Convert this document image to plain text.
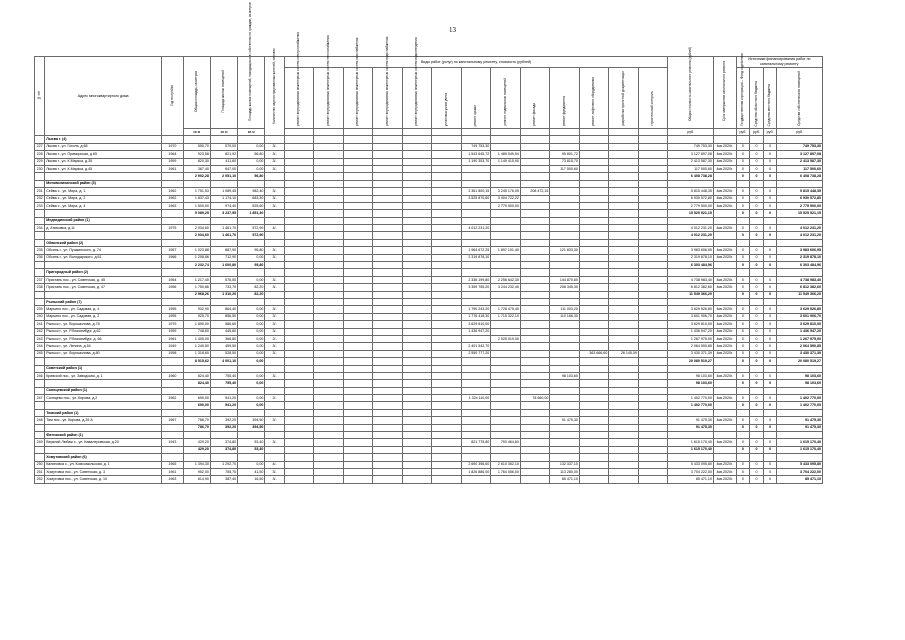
13
№ п/п	Адрес многоквартирного дома	Год постройки	Общая площадь, кв.метров	Площадь жилых помещений	Площадь жилых помещений, находящихся в собственности граждан, кв.метров	Количество зарегистрированных жителей, человек	Виды работ (услуг) по капитальному ремонту, стоимость (рублей)													Общая стоимость капитального ремонта (рублей)	Срок завершения капитального ремонта	Источники финансирования работ по капитальному ремонту			
							ремонт внутридомовых инженерных систем электроснабжения	ремонт внутридомовых инженерных систем теплоснабжения	ремонт внутридомовых инженерных систем газоснабжения	ремонт внутридомовых инженерных систем водоснабжения	ремонт внутридомовых инженерных систем водоотведения	установка узлов учета	ремонт крыши	ремонт подвальных помещений	ремонт фасада	ремонт фундамента	ремонт лифтового оборудования	разработка проектной документации	строительный контроль			Государственная корпорация – Фонд содействия	Средства областного бюджета	Средства местного бюджета	Средства собственников помещений
			кв.м	кв.м	кв.м															руб.		руб.	руб.	руб.	руб.
	Лысва г. (4)																								
227	Лысва г., ул. Гоголя, д.68	1970	590,70	570,00	0,00	3/-							749 753,30							749 753,30	4кв.2020г.	0	0	0	749 753,30
228	Лысва г., ул. Приморская, д.65	1964	923,58	821,92	56,80	3/-							1 543 645,72	1 489 549,54		95 801,72				3 127 897,08	4кв.2020г.	0	0	0	3 127 897,08
229	Лысва г., ул. К.Маркса, д.35	1959	820,30	411,60	0,00	3/-							1 190 353,70	1 149 415,90		73 815,70				2 413 587,30	4кв.2020г.	0	0	0	2 413 587,30
230	Лысва г., ул. К.Маркса, д.45	1961	367,40	647,00	0,00	3/-										117 500,60				117 500,60	4кв.2020г.	0	0	0	117 500,60
			2 902,28	2 051,10	56,80															6 408 738,28		0	0	0	6 408 738,28
	Мотовилихинский район (3)																								
231	Сейва с., ул. Мира, д. 1	1962	1 751,53	1 089,45	982,40	3/-							2 361 800,15	3 245 176,05	208 472,15					5 815 448,35	4кв.2020г.	0	0	0	5 815 448,35
232	Сейва с., ул. Мира, д. 2	1962	1 837,43	1 174,10	683,30	3/-							3 525 870,60	3 404 722,22						6 930 572,80	4кв.2020г.	0	0	0	6 930 572,80
233	Сейва с., ул. Мира, д. 4	1963	1 500,00	974,40	525,60	3/-								2 779 500,00						2 779 500,00	4кв.2020г.	0	0	0	2 779 500,00
			5 089,25	3 237,95	1 851,30															15 525 521,15		0	0	0	15 525 521,15
	Медвединский район (1)																								
234	д. Анисовка, д.11	1975	2 034,60	1 461,70	572,90	4/-							4 012 231,20							4 012 231,20	4кв.2020г.	0	0	0	4 012 231,20
			2 034,60	1 461,70	572,90															4 012 231,20		0	0	0	4 012 231,20
	Обвинский район (2)																								
235	Обсинь г., ул. Пушкинского, д. 74	1957	1 023,88	887,90	95,80	3/-							1 964 672,25	1 897 101,40		121 833,30				3 983 606,95	4кв.2020г.	0	0	0	3 983 606,95
236	Обсинь г., ул. Володарского, д.61	1966	1 208,86	712,90	0,00	3/-							2 319 878,10							2 319 878,10	4кв.2020г.	0	0	0	2 319 878,10
			2 232,74	1 600,80	95,80															6 303 484,96		0	0	0	6 303 484,96
	Пригородный район (2)																								
237	Пристань пос., ул. Советская, д. 45	1954	1 217,40	576,50	0,00	3/-							2 336 199,80	2 256 642,30		144 870,60				4 738 983,40	4кв.2020г.	0	0	0	4 738 983,40
238	Пристань пос., ул. Советская, д. 47	1956	1 750,86	733,70	82,20	3/-							3 359 755,20	3 244 232,40		208 345,30				6 812 382,60	4кв.2020г.	0	0	0	6 812 382,60
			2 968,26	1 310,20	82,20															11 549 366,20		0	0	0	11 549 366,20
	Рыльский район (7)																								
239	Марьино пос., ул. Садовая, д. 4	1955	932,90	864,40	0,00	3/-							1 790 243,20	1 728 475,40		111 003,20				3 629 526,80	4кв.2020г.	0	0	0	3 629 526,80
240	Марьино пос., ул. Садовая, д. 2	1955	925,70	856,50	0,00	3/-							1 776 418,30	1 715 322,10		110 166,30				3 601 906,70	4кв.2020г.	0	0	0	3 601 906,70
241	Рыльск г., ул. Ворошилова, д.78	1979	1 890,00	586,60	0,00	3/-							3 629 810,00							3 629 810,00	4кв.2020г.	0	0	0	3 629 810,00
242	Рыльск г., ул. Р.Люксембург, д.62	1959	748,60	445,80	0,00	3/-							1 436 947,20							1 436 947,20	4кв.2020г.	0	0	0	1 436 947,20
243	Рыльск г., ул. Р.Люксембург, д. 66	1961	1 405,00	366,80	0,00	2/-								2 025 019,00						1 267 975,00	4кв.2020г.	0	0	0	1 267 975,00
244	Рыльск г., ул. Ленина, д.54	1949	1 249,50	459,50	0,00	3/-							2 401 542,70							2 064 590,85	4кв.2020г.	0	0	0	2 064 590,85
245	Рыльск г., ул. Ворошилова, д.80	1958	1 318,60	528,50	0,00	3/-							2 550 777,20				363 666,60	26 145,09		3 430 371,39	4кв.2020г.	0	0	0	3 430 371,39
			8 515,62	4 001,10	0,00															20 080 519,27		0	0	0	20 080 519,27
	Советский район (1)																								
246	Кривской пос., ул. Заводская, д. 1	1960	824,40	755,40	0,00	3/-										98 103,60				98 103,60	4кв.2020г.	0	0	0	98 103,60
			824,40	755,40	0,00															98 103,60		0	0	0	98 103,60
	Солнцевский район (1)																								
247	Солнцево пос., ул. Кирова, д.2	1962	690,00	541,20	0,00	2/-							1 324 110,00		78 660,00					1 402 770,00	4кв.2020г.	0	0	0	1 402 770,00
			690,00	541,20	0,00															1 402 770,00		0	0	0	1 402 770,00
	Тимский район (1)																								
248	Тим пос., ул. Кирова, д.39 А	1967	786,70	392,20	394,50	3/-										91 475,30				91 475,30	4кв.2020г.	0	0	0	91 475,30
			786,70	392,20	394,50															91 475,30		0	0	0	91 475,30
	Фатежский район (1)																								
249	Верхний Любаж с., ул. Кавалеровская, д.20	1943	429,20	374,80	53,40	3/-							821 775,80	793 464,60						1 615 170,40	4кв.2020г.	0	0	0	1 615 170,40
			429,20	374,80	53,40															1 615 170,40		0	0	0	1 615 170,40
	Хомутовский район (6)																								
250	Калиновка с., ул. Комсомольская, д. 1	1965	1 394,30	1 292,70	0,00	4/-							2 690 396,60	2 610 362,10		132 337,10				5 433 095,80	4кв.2020г.	0	0	0	5 433 095,80
251	Хомутовка пос., ул. Советская, д. 3	1961	952,00	755,70	41,50	3/-							1 826 886,00	1 764 056,00		113 280,00				3 704 222,00	4кв.2020г.	0	0	0	3 704 222,00
252	Хомутовка пос., ул. Советская, д. 10	1963	614,90	387,40	16,50	3/-										85 471,10				85 471,10	4кв.2020г.	0	0	0	85 471,10
